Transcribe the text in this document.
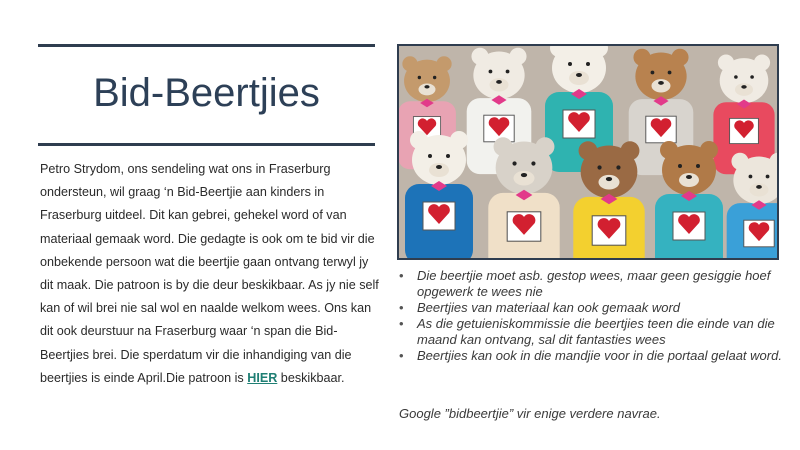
Bid-Beertjies
Petro Strydom, ons sendeling wat ons in Fraserburg ondersteun, wil graag ‘n Bid-Beertjie aan kinders in Fraserburg uitdeel. Dit kan gebrei, gehekel word of van materiaal gemaak word. Die gedagte is ook om te bid vir die onbekende persoon wat die beertjie gaan ontvang terwyl jy dit maak. Die patroon is by die deur beskikbaar. As jy nie self kan of wil brei nie sal wol en naalde welkom wees. Ons kan dit ook deurstuur na Fraserburg waar ‘n span die Bid-Beertjies brei. Die sperdatum vir die inhandiging van die beertjies is einde April.Die patroon is HIER beskikbaar.
• Die beertjie moet asb. gestop wees, maar geen gesiggie hoef opgewerk te wees nie
• Beertjies van materiaal kan ook gemaak word
• As die getuieniskommissie die beertjies teen die einde van die maand kan ontvang, sal dit fantasties wees
• Beertjies kan ook in die mandjie voor in die portaal gelaat word.
Google ”bidbeertjie” vir enige verdere navrae.
